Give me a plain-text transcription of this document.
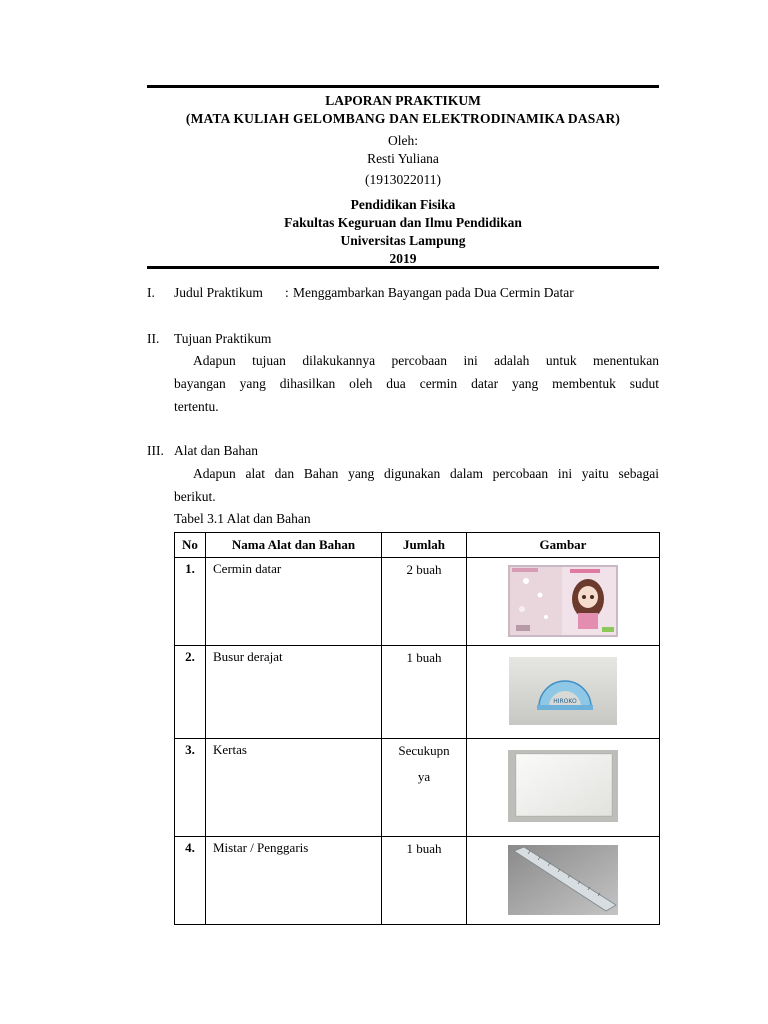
LAPORAN PRAKTIKUM
(MATA KULIAH GELOMBANG DAN ELEKTRODINAMIKA DASAR)
Oleh:
Resti Yuliana
(1913022011)
Pendidikan Fisika
Fakultas Keguruan dan Ilmu Pendidikan
Universitas Lampung
2019
I. Judul Praktikum : Menggambarkan Bayangan pada Dua Cermin Datar
II. Tujuan Praktikum
Adapun tujuan dilakukannya percobaan ini adalah untuk menentukan
bayangan yang dihasilkan oleh dua cermin datar yang membentuk sudut
tertentu.
III. Alat dan Bahan
Adapun alat dan Bahan yang digunakan dalam percobaan ini yaitu sebagai
berikut.
Tabel 3.1 Alat dan Bahan
No	Nama Alat dan Bahan	Jumlah	Gambar
1.	Cermin datar	2 buah

2.	Busur derajat	1 buah	HIROKO

3.	Kertas	Secukupn
ya

4.	Mistar / Penggaris	1 buah
